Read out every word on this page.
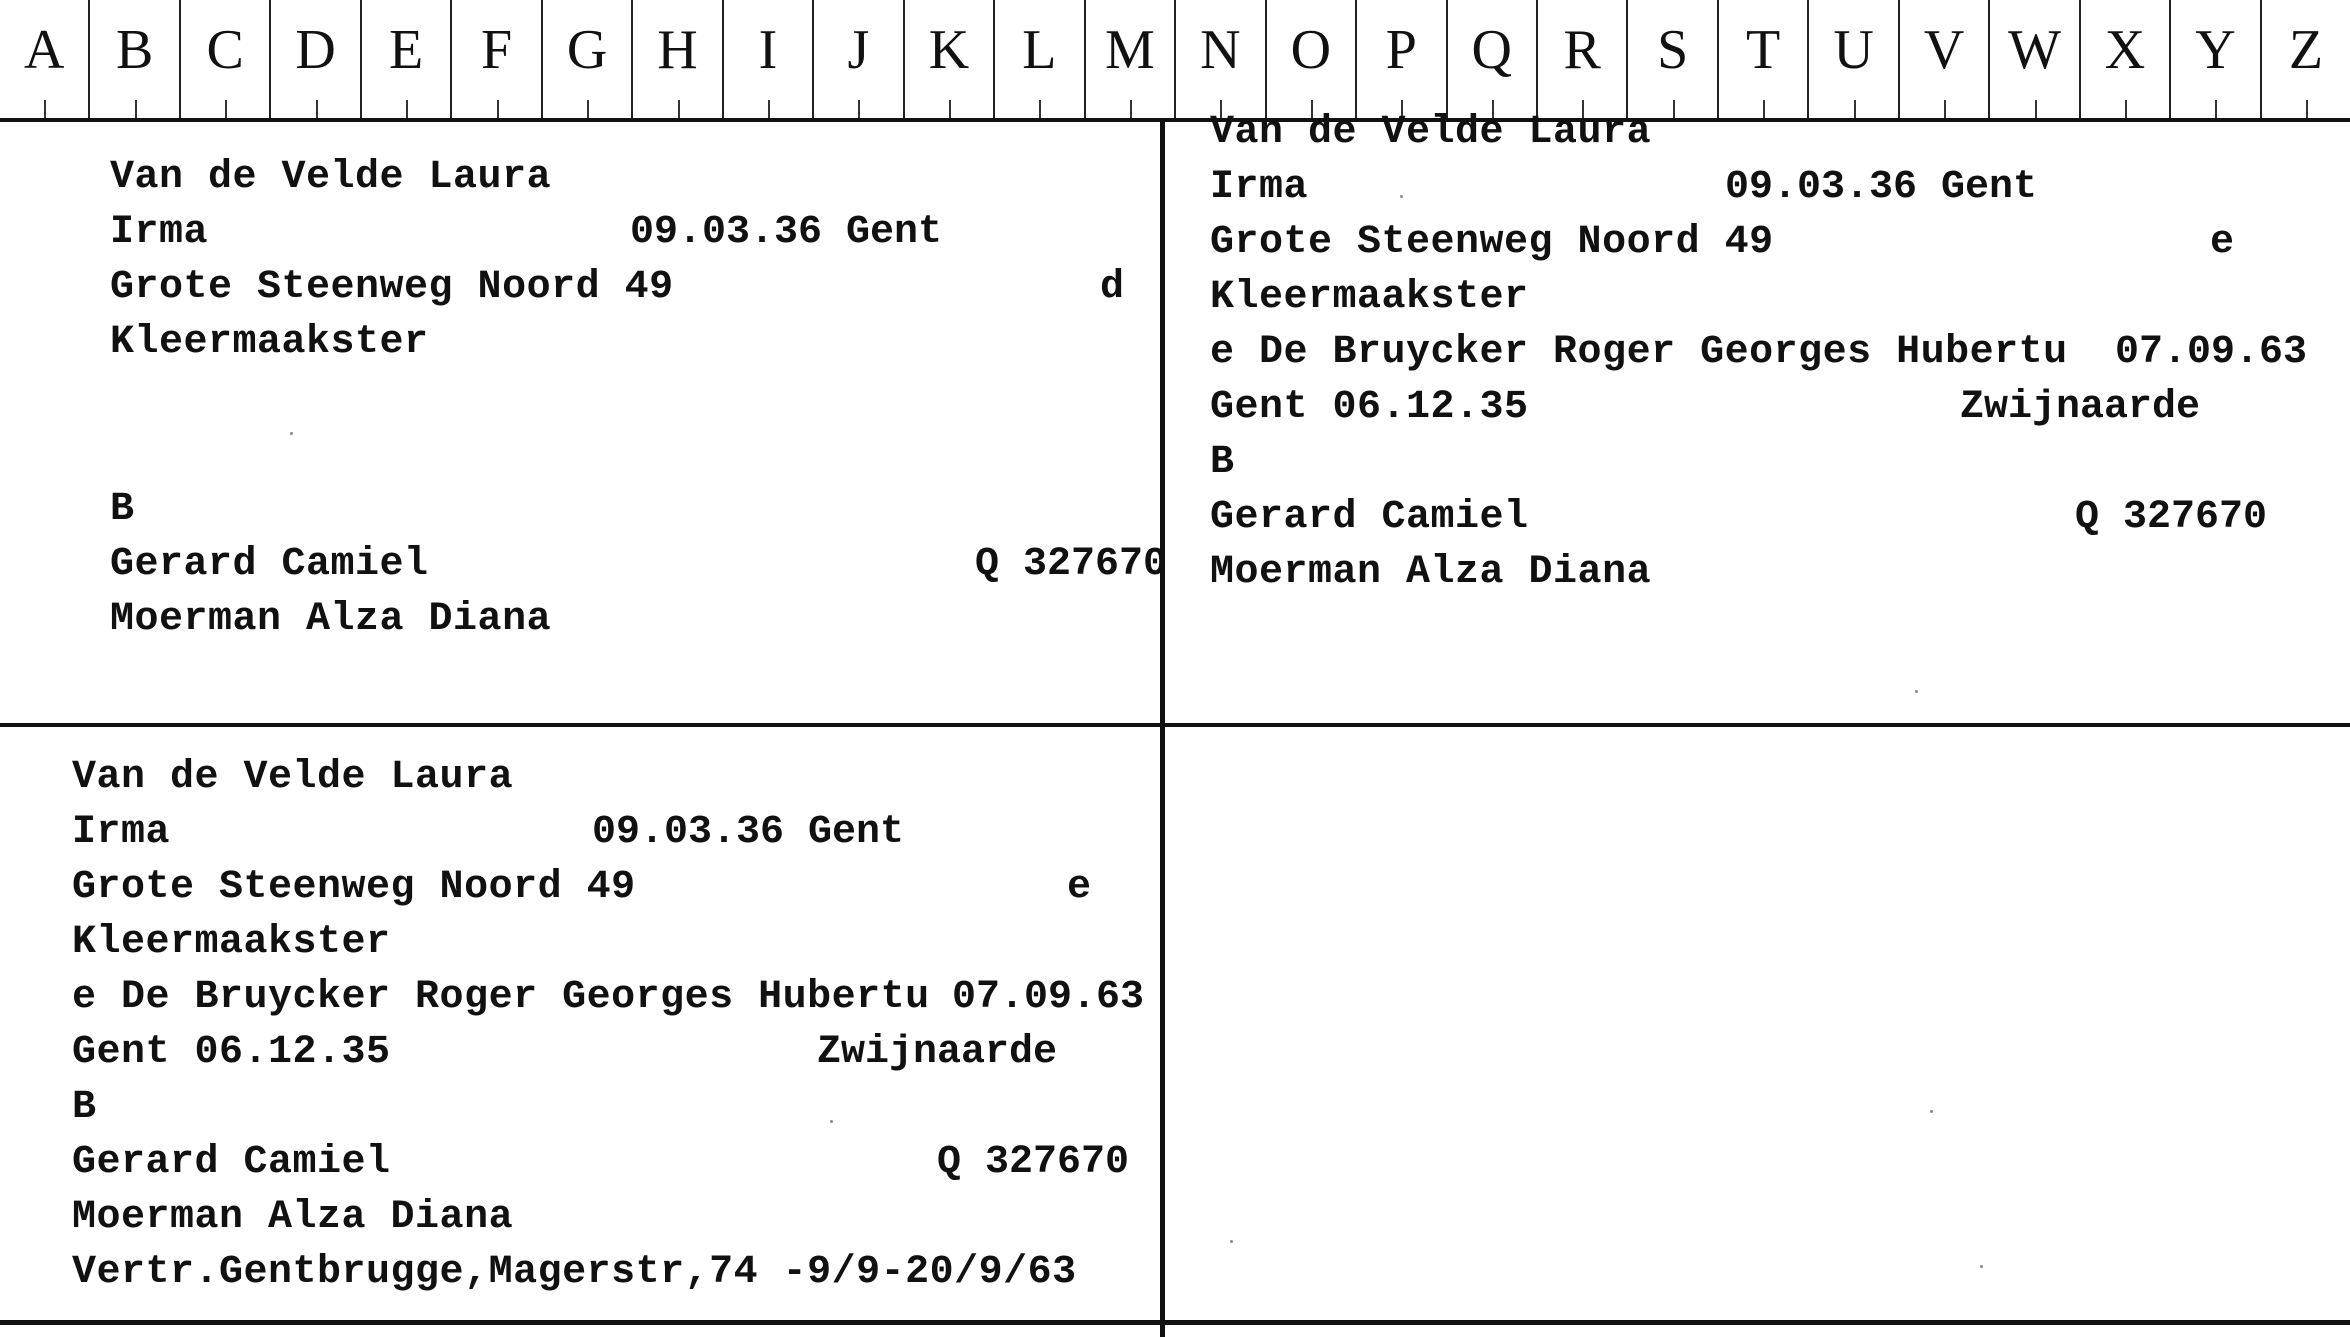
A B C D E	F G H	I	J	K L M N O P Q R	S	T U V W X Y Z
Van de Velde Laura
Irma	09.03.36 Gent
Grote Steenweg Noord 49	d
Kleermaakster
B
Gerard Camiel	Q 327670
Moerman Alza Diana
Van de Velde Laura
Irma	09.03.36 Gent
Grote Steenweg Noord 49	e
Kleermaakster
e De Bruycker Roger Georges Hubertu 07.09.63
Gent 06.12.35	Zwijnaarde
B
Gerard Camiel	Q 327670
Moerman Alza Diana
Van de Velde Laura
Irma	09.03.36 Gent
Grote Steenweg Noord 49	e
Kleermaakster
e De Bruycker Roger Georges Hubertu 07.09.63
Gent 06.12.35	Zwijnaarde
B
Gerard Camiel	Q 327670
Moerman Alza Diana
Vertr.Gentbrugge,Magerstr,74 -9/9-20/9/63
